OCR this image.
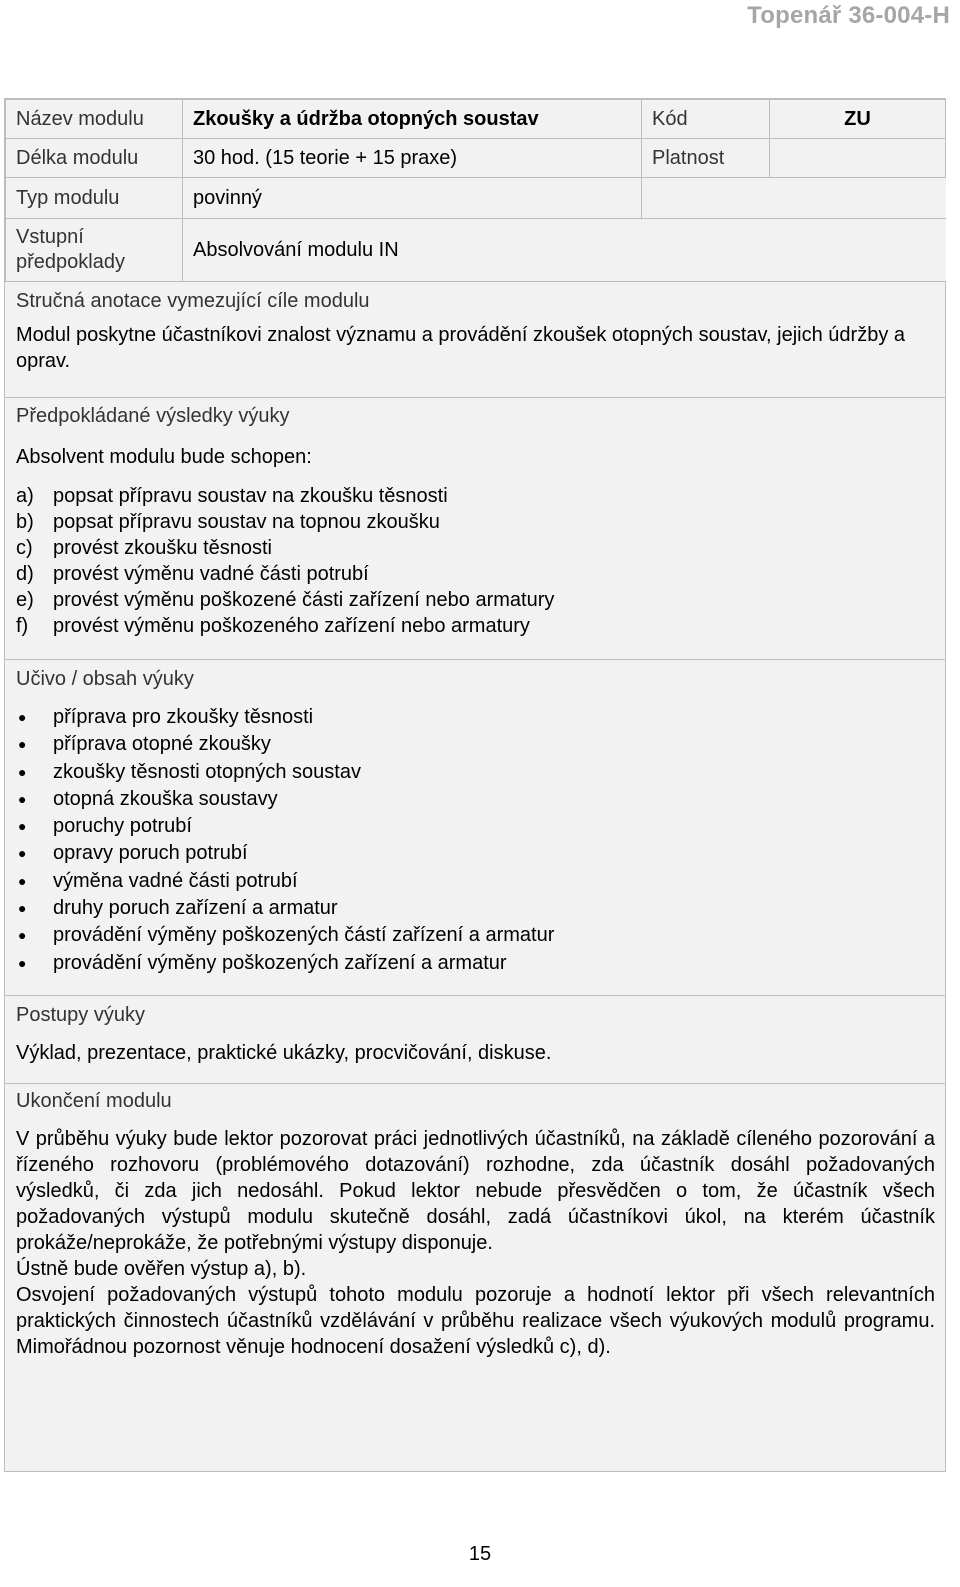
Topenář 36-004-H
Název modulu	Zkoušky a údržba otopných soustav	Kód	ZU
Délka modulu	30 hod. (15 teorie + 15 praxe)	Platnost	
Typ modulu	povinný		
Vstupní předpoklady	Absolvování modulu IN		
Stručná anotace vymezující cíle modulu
Modul poskytne účastníkovi znalost významu a provádění zkoušek otopných soustav, jejich údržby a oprav.
Předpokládané výsledky výuky
Absolvent modulu bude schopen:
a) popsat přípravu soustav na zkoušku těsnosti
b) popsat přípravu soustav na topnou zkoušku
c) provést zkoušku těsnosti
d) provést výměnu vadné části potrubí
e) provést výměnu poškozené části zařízení nebo armatury
f) provést výměnu poškozeného zařízení nebo armatury
Učivo / obsah výuky
● příprava pro zkoušky těsnosti
● příprava otopné zkoušky
● zkoušky těsnosti otopných soustav
● otopná zkouška soustavy
● poruchy potrubí
● opravy poruch potrubí
● výměna vadné části potrubí
● druhy poruch zařízení a armatur
● provádění výměny poškozených částí zařízení a armatur
● provádění výměny poškozených zařízení a armatur
Postupy výuky
Výklad, prezentace, praktické ukázky, procvičování, diskuse.
Ukončení modulu
V průběhu výuky bude lektor pozorovat práci jednotlivých účastníků, na základě cíleného pozorování a řízeného rozhovoru (problémového dotazování) rozhodne, zda účastník dosáhl požadovaných výsledků, či zda jich nedosáhl. Pokud lektor nebude přesvědčen o tom, že účastník všech požadovaných výstupů modulu skutečně dosáhl, zadá účastníkovi úkol, na kterém účastník prokáže/neprokáže, že potřebnými výstupy disponuje.
Ústně bude ověřen výstup a), b).
Osvojení požadovaných výstupů tohoto modulu pozoruje a hodnotí lektor při všech relevantních praktických činnostech účastníků vzdělávání v průběhu realizace všech výukových modulů programu. Mimořádnou pozornost věnuje hodnocení dosažení výsledků c), d).
15
